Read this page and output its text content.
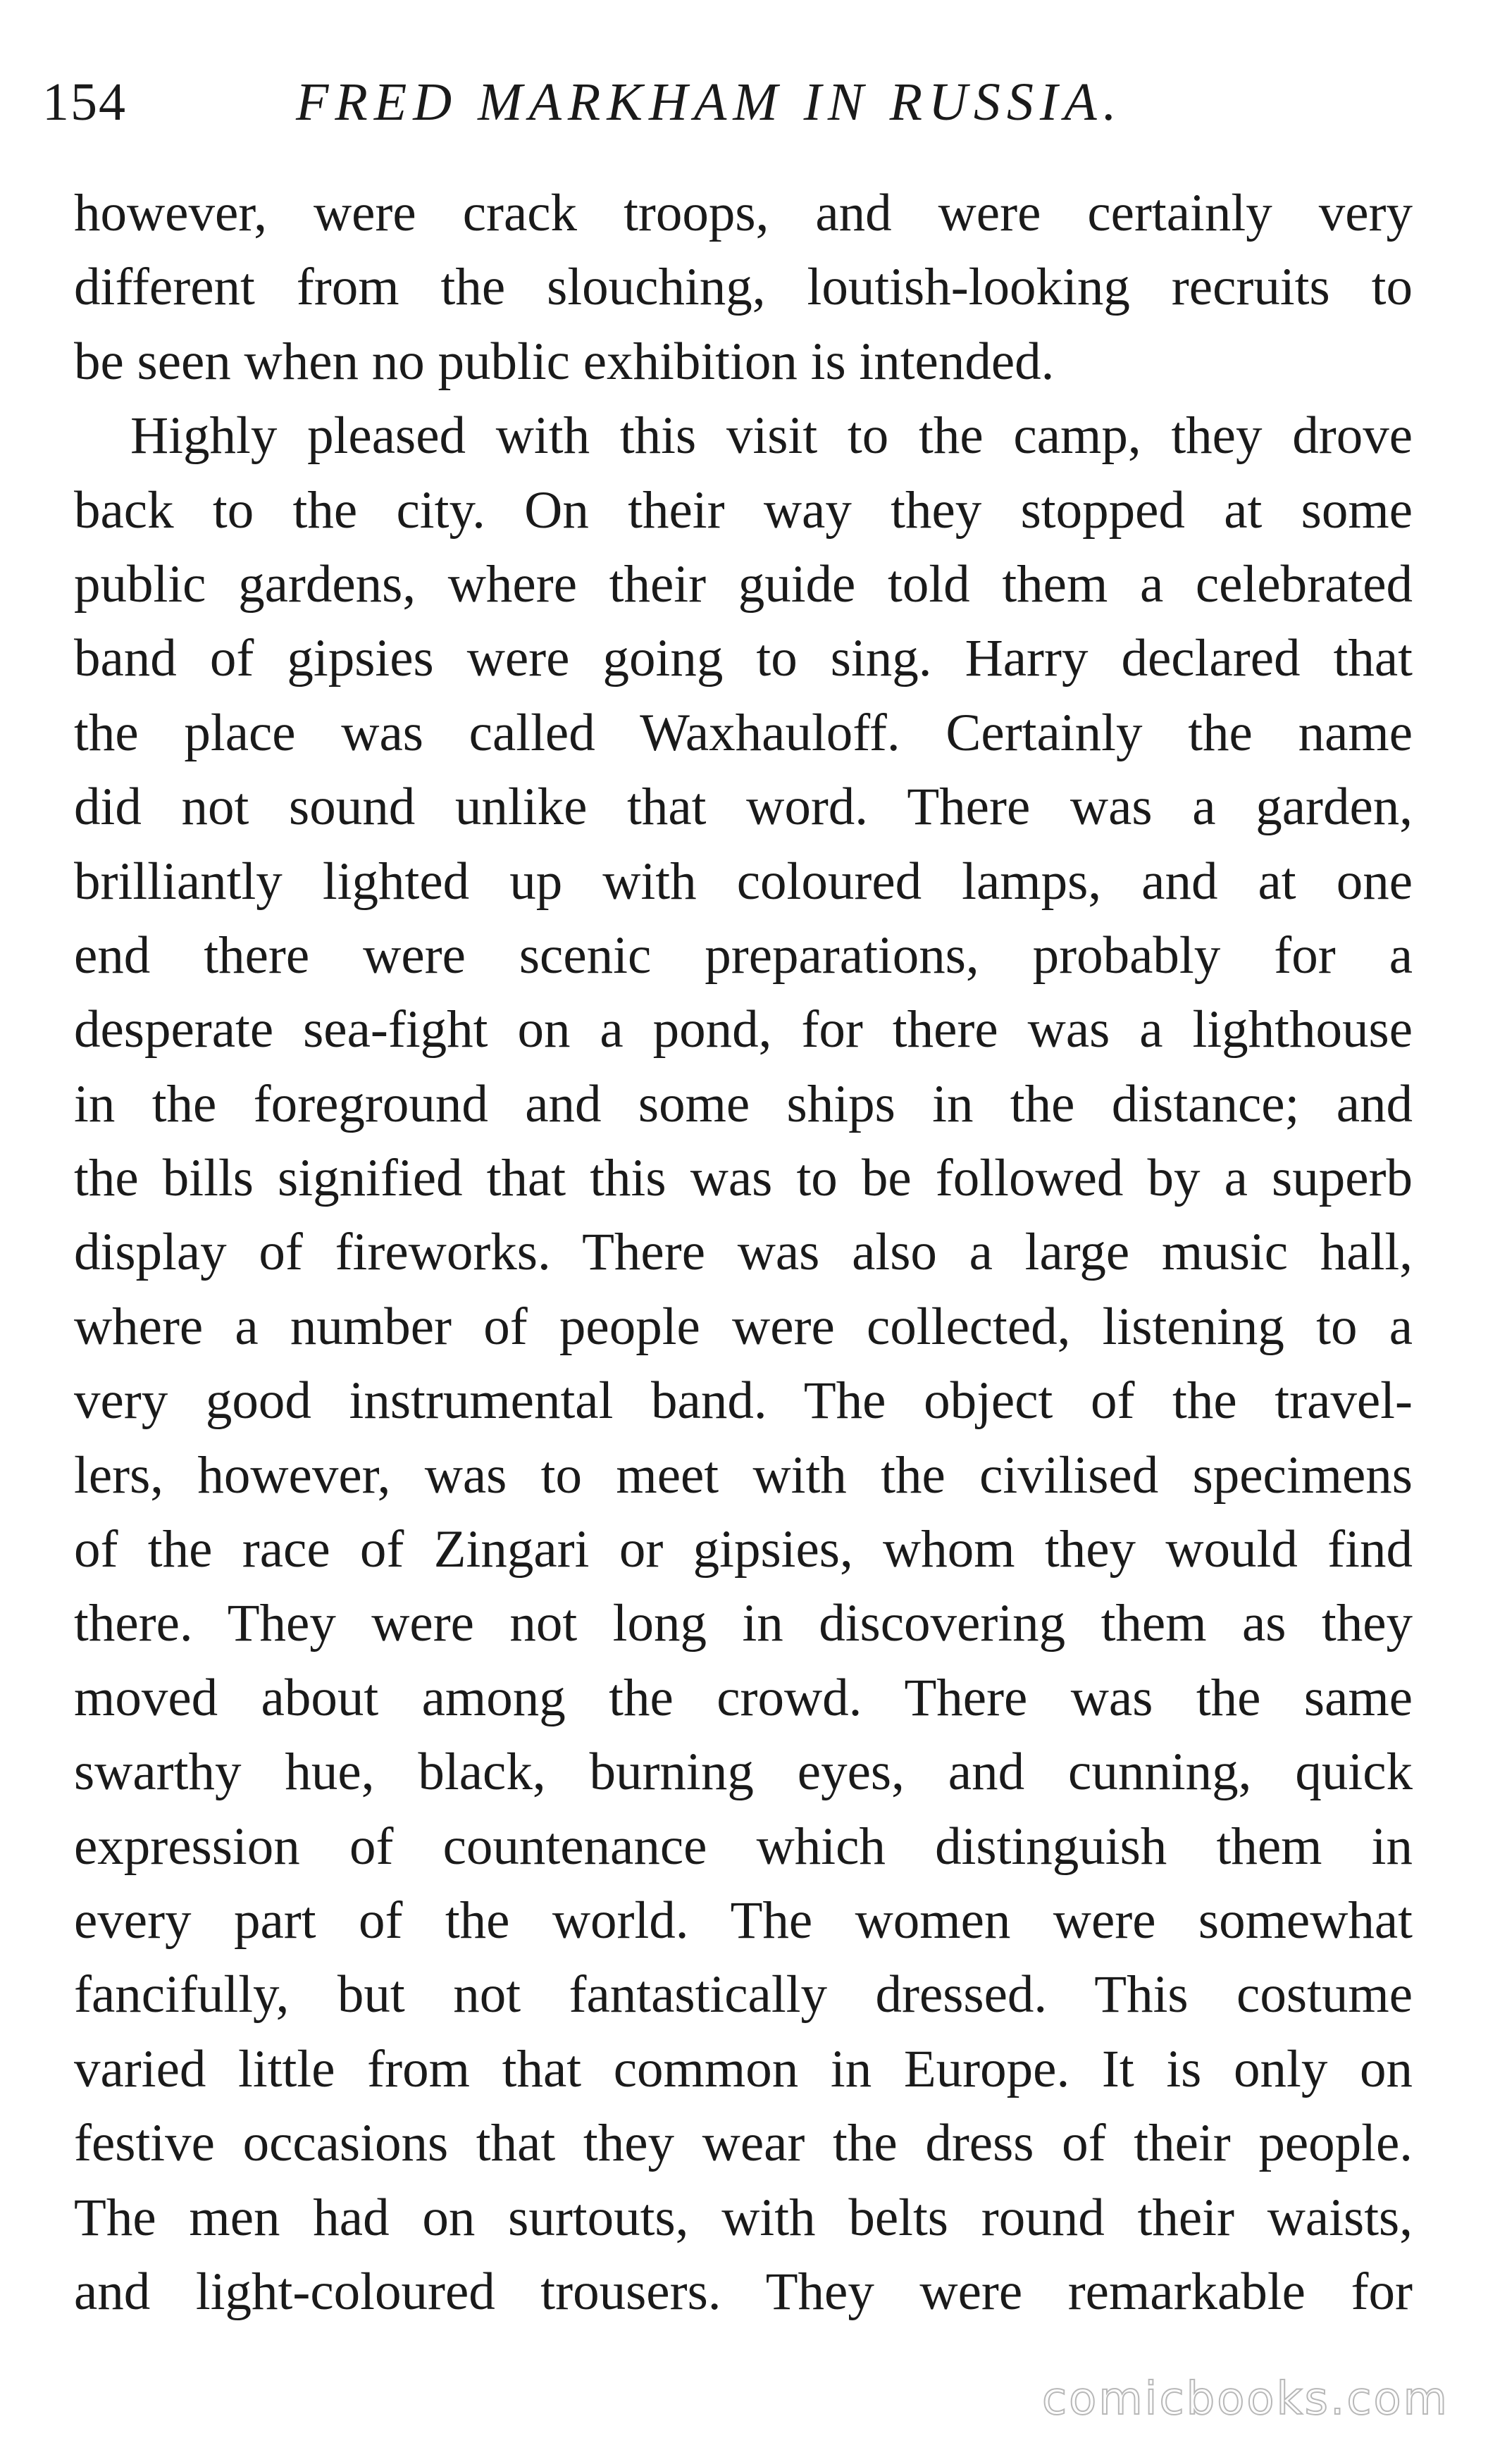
154	FRED MARKHAM IN RUSSIA.
however, were crack troops, and were certainly very
different from the slouching, loutish-looking recruits to
be seen when no public exhibition is intended.
Highly pleased with this visit to the camp, they drove
back to the city. On their way they stopped at some
public gardens, where their guide told them a celebrated
band of gipsies were going to sing. Harry declared that
the place was called Waxhauloff. Certainly the name
did not sound unlike that word. There was a garden,
brilliantly lighted up with coloured lamps, and at one
end there were scenic preparations, probably for a
desperate sea-fight on a pond, for there was a lighthouse
in the foreground and some ships in the distance; and
the bills signified that this was to be followed by a superb
display of fireworks. There was also a large music hall,
where a number of people were collected, listening to a
very good instrumental band. The object of the travel-
lers, however, was to meet with the civilised specimens
of the race of Zingari or gipsies, whom they would find
there. They were not long in discovering them as they
moved about among the crowd. There was the same
swarthy hue, black, burning eyes, and cunning, quick
expression of countenance which distinguish them in
every part of the world. The women were somewhat
fancifully, but not fantastically dressed. This costume
varied little from that common in Europe. It is only on
festive occasions that they wear the dress of their people.
The men had on surtouts, with belts round their waists,
and light-coloured trousers. They were remarkable for
comicbooks.com
